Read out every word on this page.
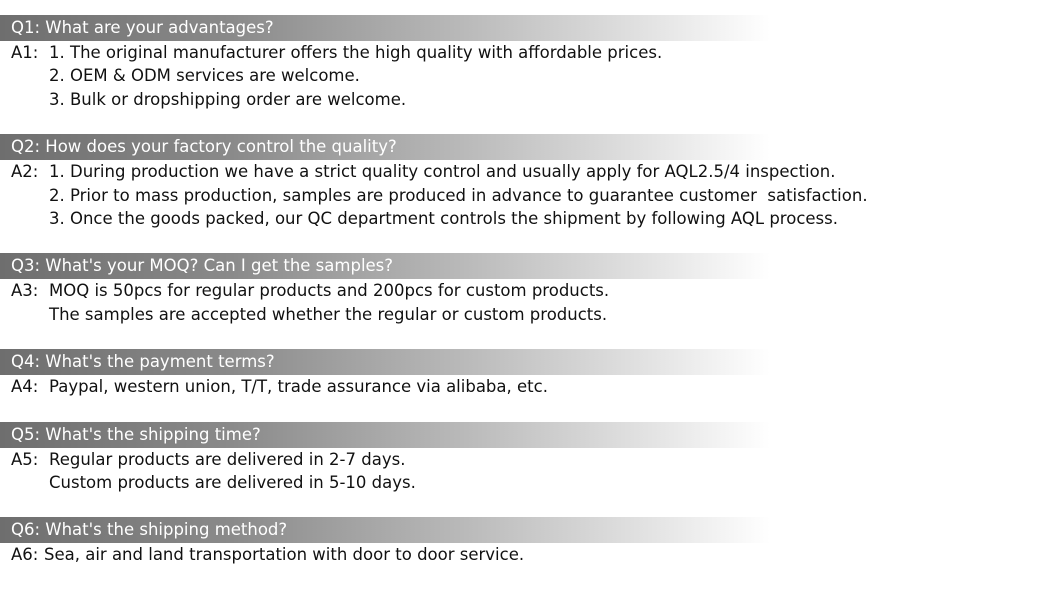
Q1: What are your advantages?
A1: 1. The original manufacturer offers the high quality with affordable prices.
2. OEM & ODM services are welcome.
3. Bulk or dropshipping order are welcome.
Q2: How does your factory control the quality?
A2: 1. During production we have a strict quality control and usually apply for AQL2.5/4 inspection.
2. Prior to mass production, samples are produced in advance to guarantee customer  satisfaction.
3. Once the goods packed, our QC department controls the shipment by following AQL process.
Q3: What's your MOQ? Can I get the samples?
A3: MOQ is 50pcs for regular products and 200pcs for custom products.
The samples are accepted whether the regular or custom products.
Q4: What's the payment terms?
A4: Paypal, western union, T/T, trade assurance via alibaba, etc.
Q5: What's the shipping time?
A5: Regular products are delivered in 2-7 days.
Custom products are delivered in 5-10 days.
Q6: What's the shipping method?
A6: Sea, air and land transportation with door to door service.
